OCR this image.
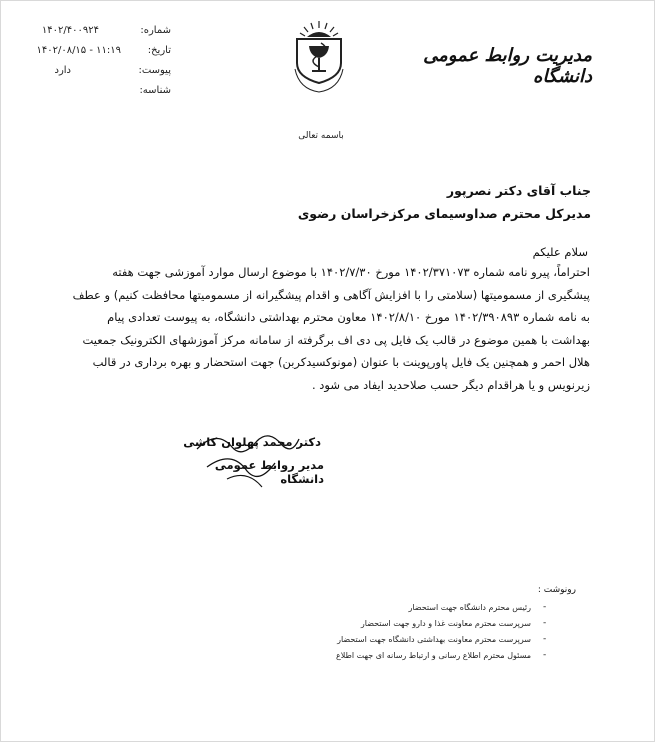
شماره:
۱۴۰۲/۴۰۰۹۲۴
تاریخ:
۱۴۰۲/۰۸/۱۵ - ۱۱:۱۹
پیوست:
دارد
شناسه:
مدیریت روابط عمومی دانشگاه
باسمه تعالی
جناب آقای دکتر نصرپور
مدیرکل محترم صداوسیمای مرکزخراسان رضوی
سلام علیکم
احتراماً، پیرو نامه شماره ۱۴۰۲/۳۷۱۰۷۳ مورخ ۱۴۰۲/۷/۳۰ با موضوع ارسال موارد آموزشی جهت هفته
پیشگیری از مسمومیتها (سلامتی را با افزایش آگاهی و اقدام پیشگیرانه از مسمومیتها محافظت کنیم) و عطف
به نامه شماره ۱۴۰۲/۳۹۰۸۹۳ مورخ ۱۴۰۲/۸/۱۰ معاون محترم بهداشتی دانشگاه، به پیوست تعدادی پیام
بهداشت با همین موضوع در قالب یک فایل پی دی اف برگرفته از سامانه مرکز آموزشهای الکترونیک جمعیت
هلال احمر و همچنین یک فایل پاورپوینت با عنوان (مونوکسیدکربن) جهت استحضار و بهره برداری در قالب
زیرنویس و یا هراقدام دیگر حسب صلاحدید ایفاد می شود .
دکتر محمد پهلوان کاشی
مدیر روابط عمومی دانشگاه
رونوشت :
-
رئیس محترم دانشگاه جهت استحضار
-
سرپرست محترم معاونت غذا و دارو جهت استحضار
-
سرپرست محترم معاونت بهداشتی دانشگاه جهت استحضار
-
مسئول محترم اطلاع رسانی و ارتباط رسانه ای جهت اطلاع
